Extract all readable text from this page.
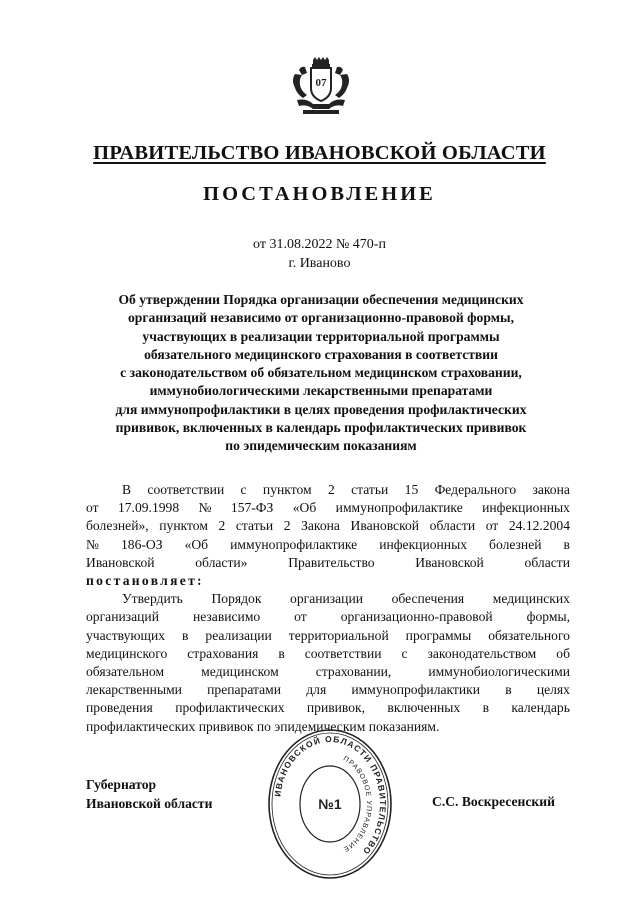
07
ПРАВИТЕЛЬСТВО ИВАНОВСКОЙ ОБЛАСТИ
ПОСТАНОВЛЕНИЕ
от 31.08.2022 № 470-п
г. Иваново
Об утверждении Порядка организации обеспечения медицинских
организаций независимо от организационно-правовой формы,
участвующих в реализации территориальной программы
обязательного медицинского страхования в соответствии
с законодательством об обязательном медицинском страховании,
иммунобиологическими лекарственными препаратами
для иммунопрофилактики в целях проведения профилактических
прививок, включенных в календарь профилактических прививок
по эпидемическим показаниям
В соответствии с пунктом 2 статьи 15 Федерального закона
от 17.09.1998 № 157-ФЗ «Об иммунопрофилактике инфекционных
болезней», пунктом 2 статьи 2 Закона Ивановской области от 24.12.2004
№ 186-ОЗ «Об иммунопрофилактике инфекционных болезней в
Ивановской	области»	Правительство	Ивановской	области
постановляет:
Утвердить Порядок организации обеспечения медицинских
организаций независимо от организационно-правовой формы,
участвующих в реализации территориальной программы обязательного
медицинского страхования в соответствии с законодательством об
обязательном	медицинском	страховании,	иммунобиологическими
лекарственными препаратами для иммунопрофилактики в целях
проведения профилактических прививок, включенных в календарь
профилактических прививок по эпидемическим показаниям.
Губернатор
Ивановской области	С.С. Воскресенский
ИВАНОВСКОЙ ОБЛАСТИ ПРАВИТЕЛЬСТВО
ПРАВОВОЕ УПРАВЛЕНИЕ
№1
